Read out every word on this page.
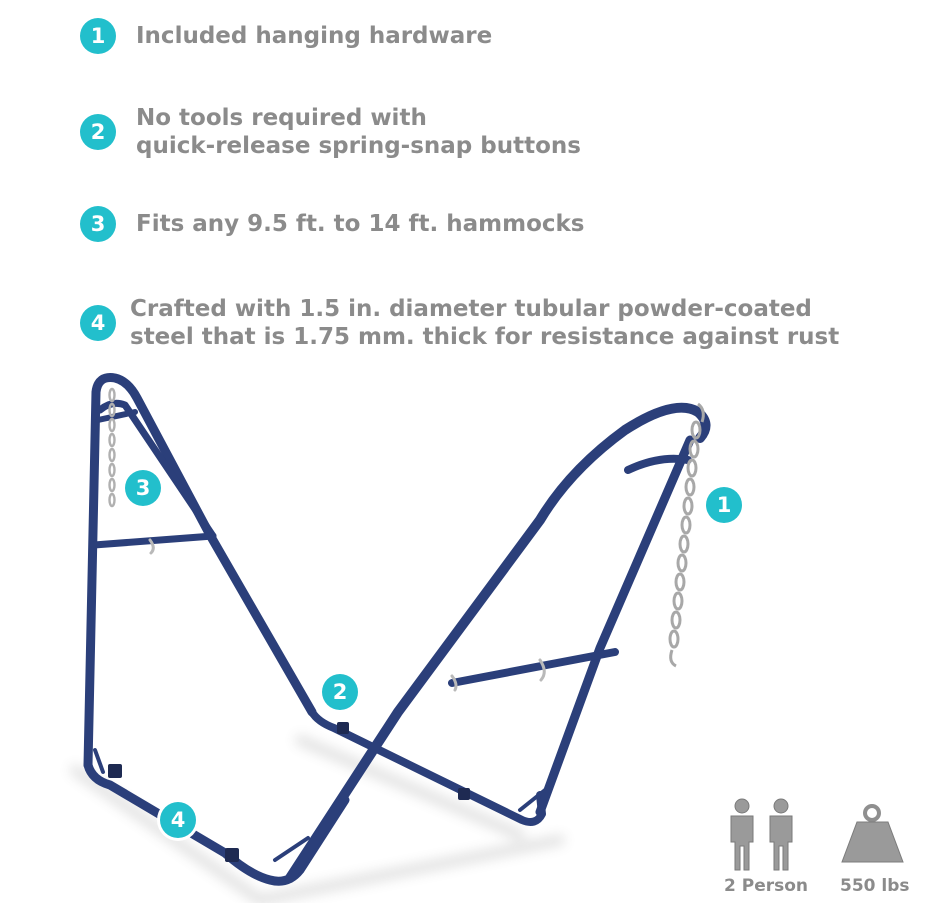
1	Included hanging hardware
2
No tools required with
quick-release spring-snap buttons
3	Fits any 9.5 ft. to 14 ft. hammocks
4
Crafted with 1.5 in. diameter tubular powder-coated
steel that is 1.75 mm. thick for resistance against rust
1
2
3
4
2 Person 550 lbs
